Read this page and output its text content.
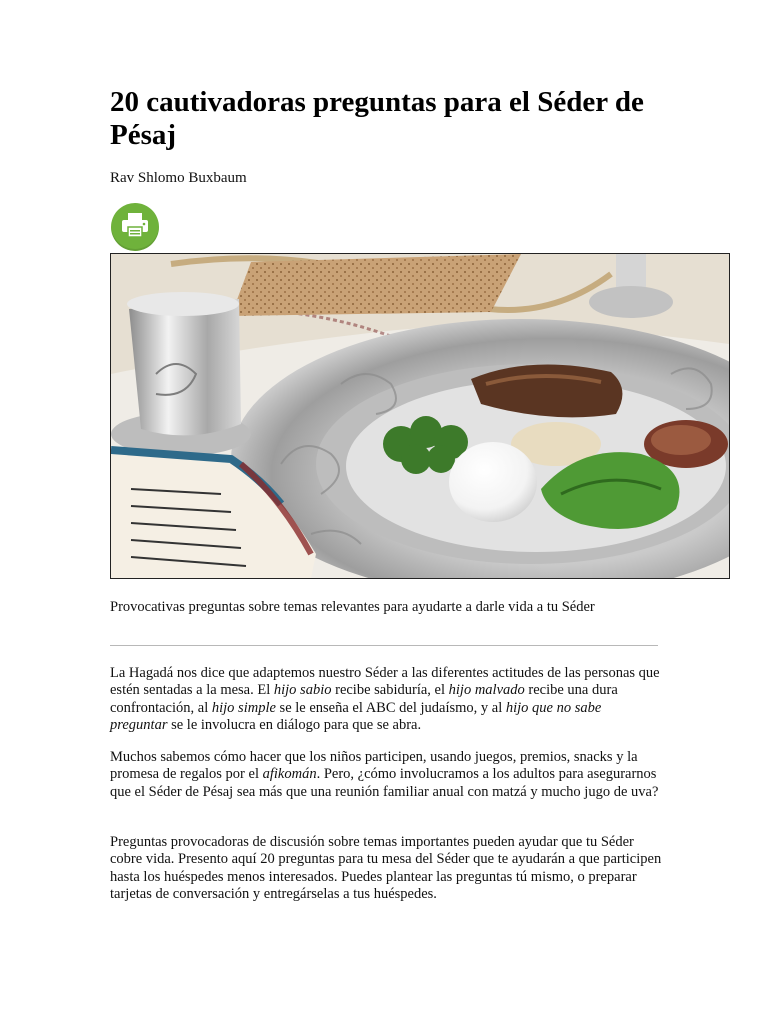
20 cautivadoras preguntas para el Séder de Pésaj
Rav Shlomo Buxbaum
Provocativas preguntas sobre temas relevantes para ayudarte a darle vida a tu Séder

La Hagadá nos dice que adaptemos nuestro Séder a las diferentes actitudes de las personas que estén sentadas a la mesa. El hijo sabio recibe sabiduría, el hijo malvado recibe una dura confrontación, al hijo simple se le enseña el ABC del judaísmo, y al hijo que no sabe preguntar se le involucra en diálogo para que se abra.

Muchos sabemos cómo hacer que los niños participen, usando juegos, premios, snacks y la promesa de regalos por el afikomán. Pero, ¿cómo involucramos a los adultos para asegurarnos que el Séder de Pésaj sea más que una reunión familiar anual con matzá y mucho jugo de uva?

Preguntas provocadoras de discusión sobre temas importantes pueden ayudar que tu Séder cobre vida. Presento aquí 20 preguntas para tu mesa del Séder que te ayudarán a que participen hasta los huéspedes menos interesados. Puedes plantear las preguntas tú mismo, o preparar tarjetas de conversación y entregárselas a tus huéspedes.
